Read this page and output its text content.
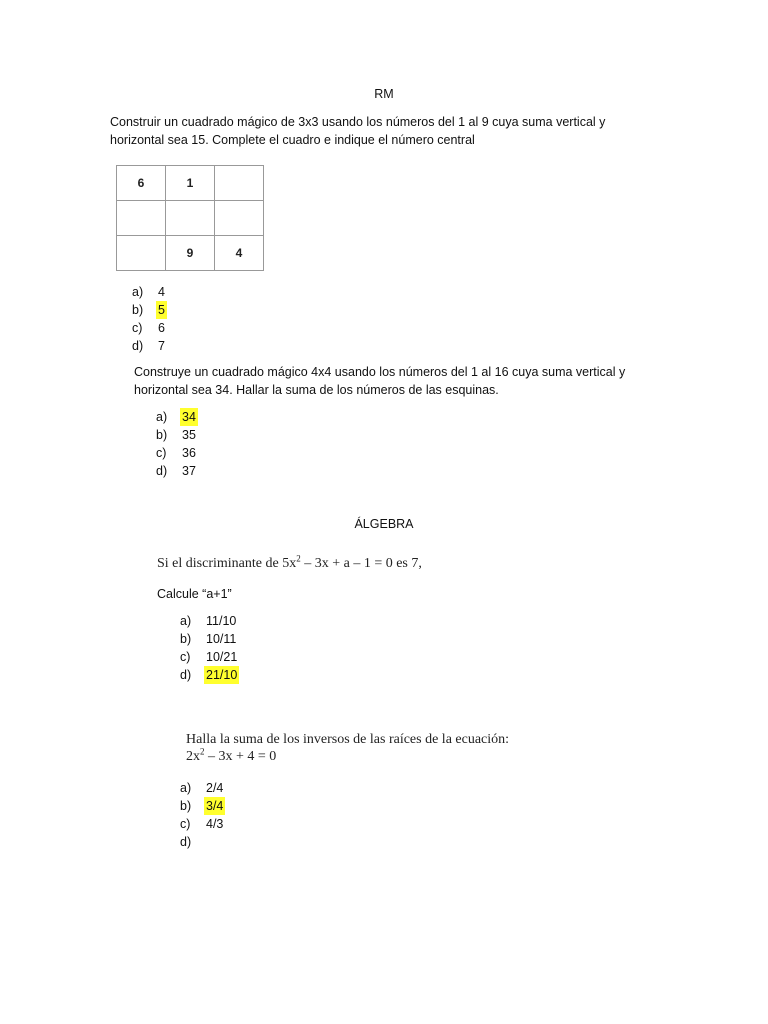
RM
Construir un cuadrado mágico de 3x3 usando los números del 1 al 9 cuya suma vertical y
horizontal sea 15. Complete el cuadro e indique el número central
6	1	

	9	4
a) 4
b) 5
c) 6
d) 7
Construye un cuadrado mágico 4x4 usando los números del 1 al 16 cuya suma vertical y
horizontal sea 34. Hallar la suma de los números de las esquinas.
a) 34
b) 35
c) 36
d) 37
ÁLGEBRA
Si el discriminante de $5x^2 - 3x + a - 1 = 0$ es 7,
Calcule “a+1”
a) 11/10
b) 10/11
c) 10/21
d) 21/10
Halla la suma de los inversos de las raíces de la ecuación:
$2x^2 - 3x + 4 = 0$
a) 2/4
b) 3/4
c) 4/3
d)
